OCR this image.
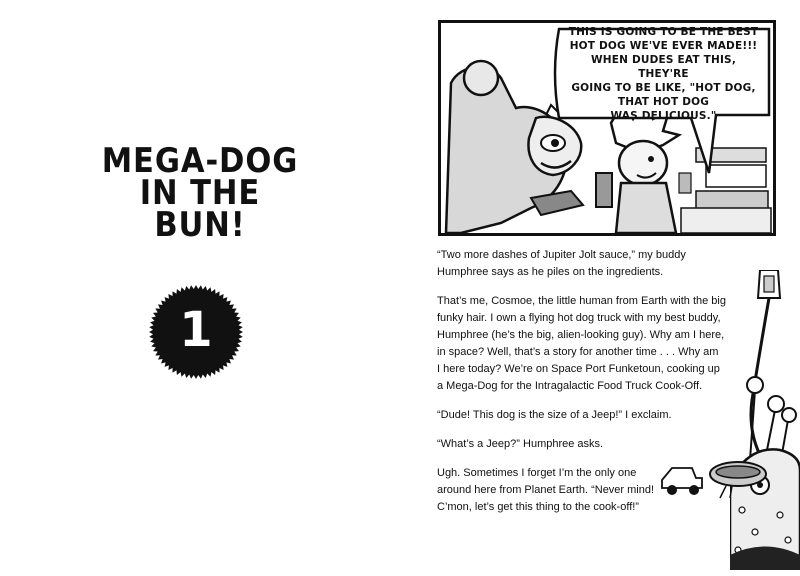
MEGA-DOG
IN THE
BUN!
1
THIS IS GOING TO BE THE BEST
HOT DOG WE'VE EVER MADE!!!
WHEN DUDES EAT THIS, THEY'RE
GOING TO BE LIKE, "HOT DOG,
THAT HOT DOG
WAS DELICIOUS."
“Two more dashes of Jupiter Jolt sauce,” my buddy
Humphree says as he piles on the ingredients.
That’s me, Cosmoe, the little human from Earth with the big
funky hair. I own a flying hot dog truck with my best buddy,
Humphree (he’s the big, alien-looking guy). Why am I here,
in space? Well, that’s a story for another time . . . Why am
I here today? We’re on Space Port Funketoun, cooking up
a Mega-Dog for the Intragalactic Food Truck Cook-Off.
“Dude! This dog is the size of a Jeep!” I exclaim.
“What’s a Jeep?” Humphree asks.
Ugh. Sometimes I forget I’m the only one
around here from Planet Earth. “Never mind!
C’mon, let’s get this thing to the cook-off!”
